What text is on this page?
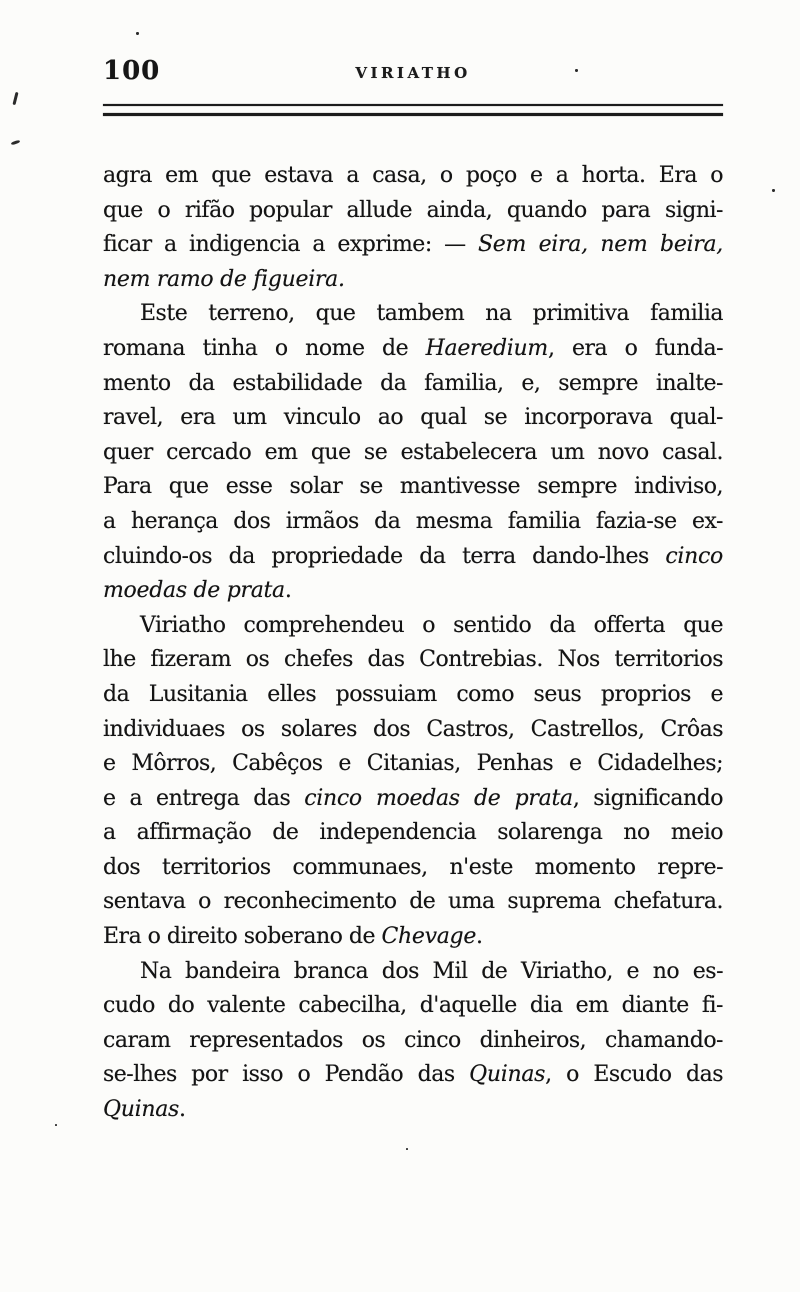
100	VIRIATHO
agra em que estava a casa, o poço e a horta. Era o
que o rifão popular allude ainda, quando para signi-
ficar a indigencia a exprime: — Sem eira, nem beira,
nem ramo de figueira.
Este terreno, que tambem na primitiva familia
romana tinha o nome de Haeredium, era o funda-
mento da estabilidade da familia, e, sempre inalte-
ravel, era um vinculo ao qual se incorporava qual-
quer cercado em que se estabelecera um novo casal.
Para que esse solar se mantivesse sempre indiviso,
a herança dos irmãos da mesma familia fazia-se ex-
cluindo-os da propriedade da terra dando-lhes cinco
moedas de prata.
Viriatho comprehendeu o sentido da offerta que
lhe fizeram os chefes das Contrebias. Nos territorios
da Lusitania elles possuiam como seus proprios e
individuaes os solares dos Castros, Castrellos, Crôas
e Môrros, Cabêços e Citanias, Penhas e Cidadelhes;
e a entrega das cinco moedas de prata, significando
a affirmação de independencia solarenga no meio
dos territorios communaes, n'este momento repre-
sentava o reconhecimento de uma suprema chefatura.
Era o direito soberano de Chevage.
Na bandeira branca dos Mil de Viriatho, e no es-
cudo do valente cabecilha, d'aquelle dia em diante fi-
caram representados os cinco dinheiros, chamando-
se-lhes por isso o Pendão das Quinas, o Escudo das
Quinas.
